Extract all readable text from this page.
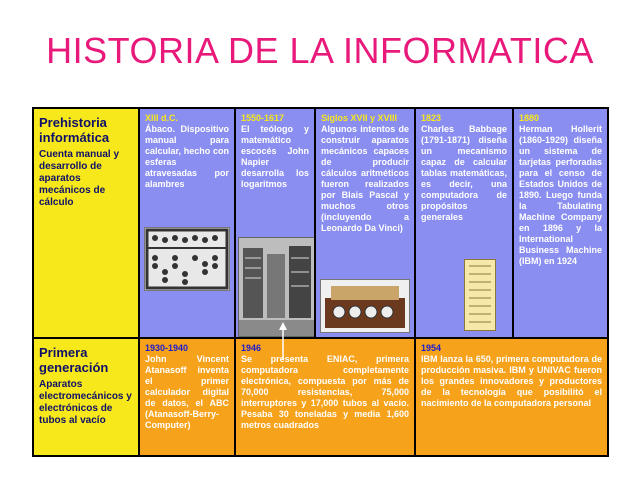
HISTORIA DE LA INFORMATICA
Prehistoria informática
Cuenta manual y desarrollo de aparatos mecánicos de cálculo
XIII d.C.
Ábaco. Dispositivo manual para calcular, hecho con esferas atravesadas por alambres
1550-1617
El teólogo y matemático escocés John Napier desarrolla los logaritmos
Siglos XVII y XVIII
Algunos intentos de construir aparatos mecánicos capaces de producir cálculos aritméticos fueron realizados por Blais Pascal y muchos otros (incluyendo a Leonardo Da Vinci)
1823
Charles Babbage (1791-1871) diseña un mecanismo capaz de calcular tablas matemáticas, es decir, una computadora de propósitos generales
1880
Herman Hollerit (1860-1929) diseña un sistema de tarjetas perforadas para el censo de Estados Unidos de 1890. Luego funda la Tabulating Machine Company en 1896 y la International Business Machine (IBM) en 1924
Primera generación
Aparatos electromecánicos y electrónicos de tubos al vacío
1930-1940
John Vincent Atanasoff inventa el primer calculador digital de datos, el ABC (Atanasoff-Berry-Computer)
1946
Se presenta ENIAC, primera computadora completamente electrónica, compuesta por más de 70,000 resistencias, 75,000 interruptores y 17,000 tubos al vacío. Pesaba 30 toneladas y media 1,600 metros cuadrados
1954
IBM lanza la 650, primera computadora de producción masiva. IBM y UNIVAC fueron los grandes innovadores y productores de la tecnología que posibilitó el nacimiento de la computadora personal
